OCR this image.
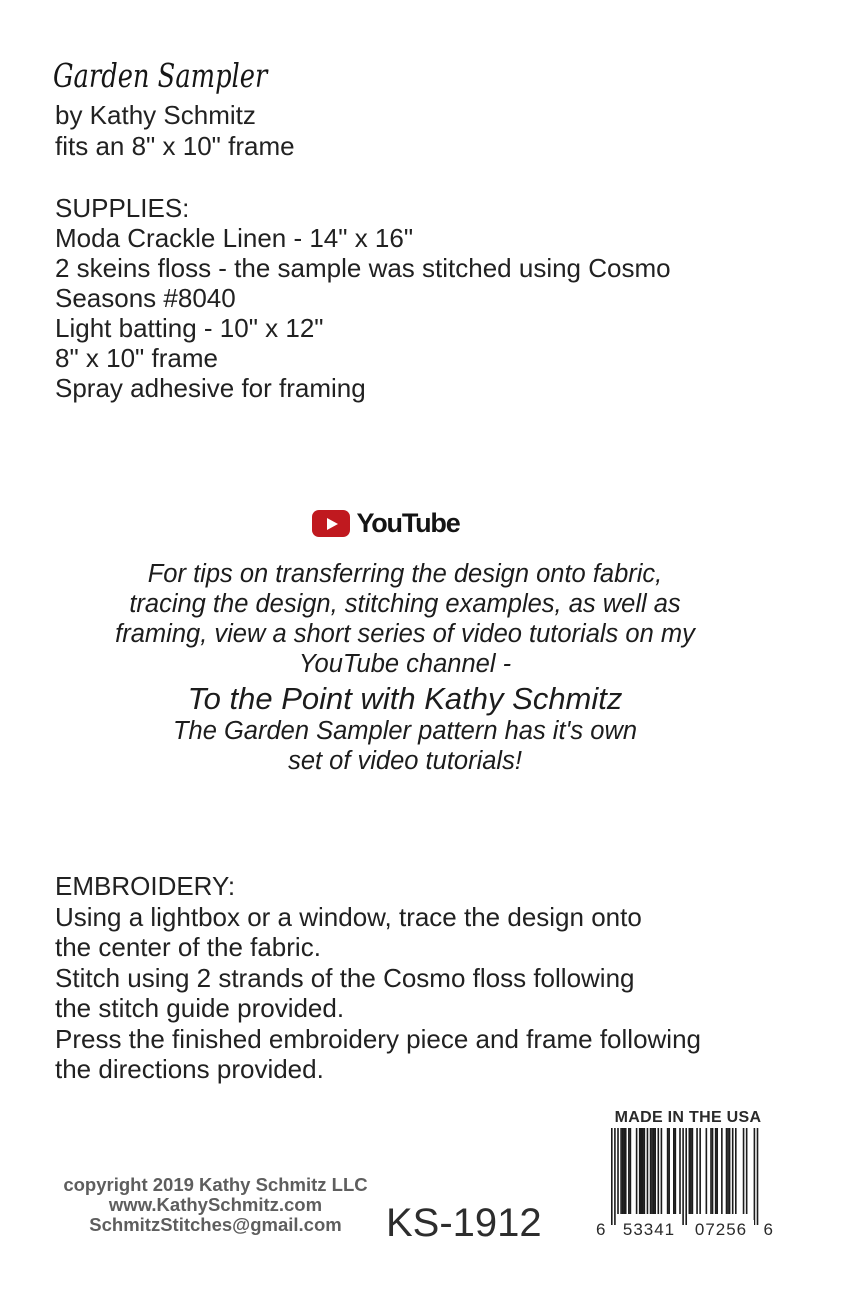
Garden Sampler
by Kathy Schmitz
fits an 8" x 10" frame
SUPPLIES:
Moda Crackle Linen - 14" x 16"
2 skeins floss - the sample was stitched using Cosmo
Seasons #8040
Light batting - 10" x 12"
8" x 10" frame
Spray adhesive for framing
YouTube
For tips on transferring the design onto fabric,
tracing the design, stitching examples, as well as
framing, view a short series of video tutorials on my
YouTube channel -
To the Point with Kathy Schmitz
The Garden Sampler pattern has it's own
set of video tutorials!
EMBROIDERY:
Using a lightbox or a window, trace the design onto
the center of the fabric.
Stitch using 2 strands of the Cosmo floss following
the stitch guide provided.
Press the finished embroidery piece and frame following
the directions provided.
MADE IN THE USA
6	53341	07256 6
copyright 2019 Kathy Schmitz LLC
www.KathySchmitz.com
SchmitzStitches@gmail.com	KS-1912
